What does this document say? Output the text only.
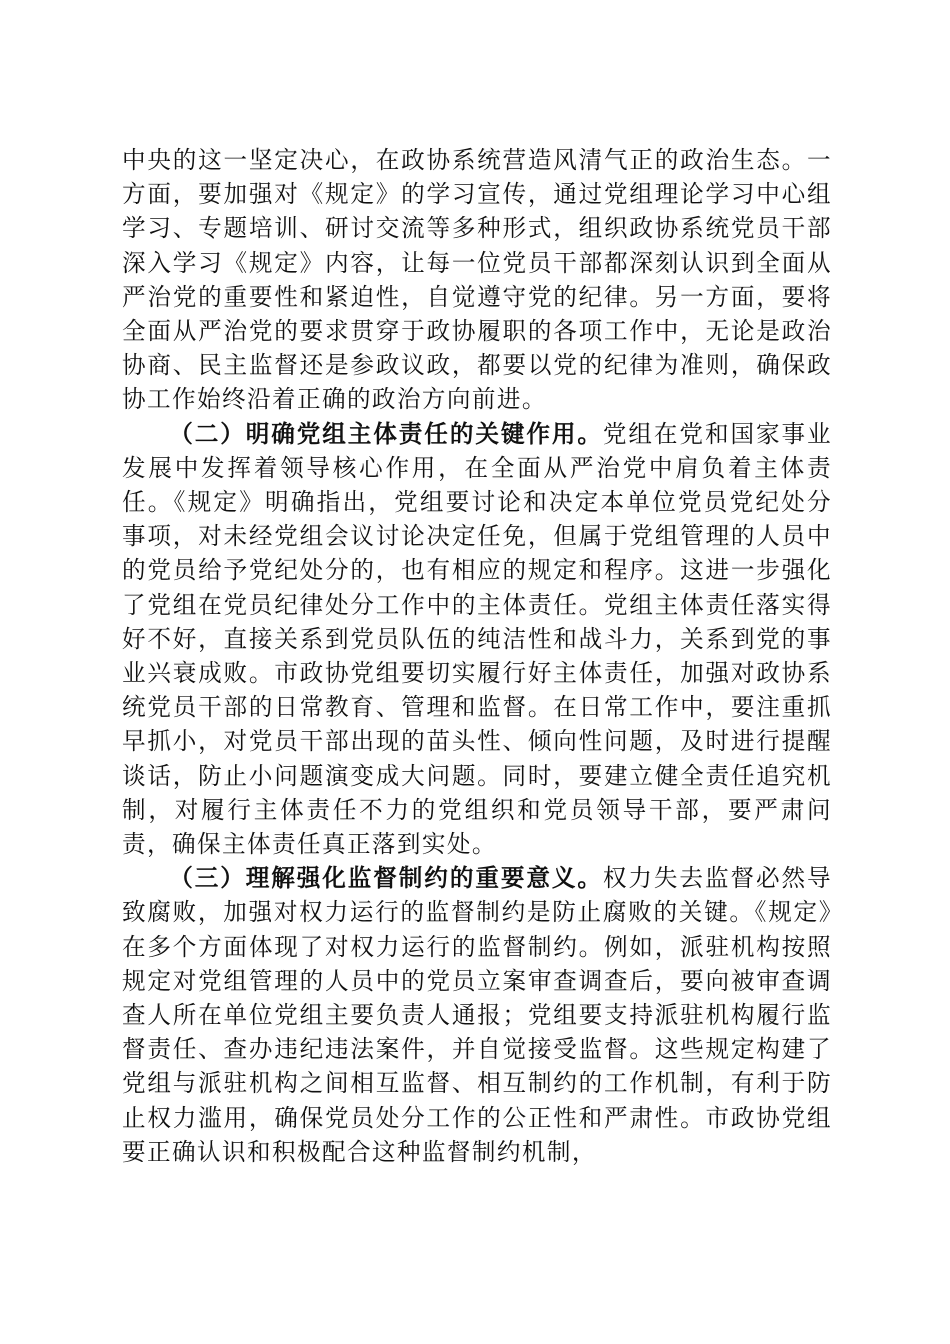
中央的这一坚定决心，在政协系统营造风清气正的政治生态。一方面，要加强对《规定》的学习宣传，通过党组理论学习中心组学习、专题培训、研讨交流等多种形式，组织政协系统党员干部深入学习《规定》内容，让每一位党员干部都深刻认识到全面从严治党的重要性和紧迫性，自觉遵守党的纪律。另一方面，要将全面从严治党的要求贯穿于政协履职的各项工作中，无论是政治协商、民主监督还是参政议政，都要以党的纪律为准则，确保政协工作始终沿着正确的政治方向前进。

（二）明确党组主体责任的关键作用。党组在党和国家事业发展中发挥着领导核心作用，在全面从严治党中肩负着主体责任。《规定》明确指出，党组要讨论和决定本单位党员党纪处分事项，对未经党组会议讨论决定任免，但属于党组管理的人员中的党员给予党纪处分的，也有相应的规定和程序。这进一步强化了党组在党员纪律处分工作中的主体责任。党组主体责任落实得好不好，直接关系到党员队伍的纯洁性和战斗力，关系到党的事业兴衰成败。市政协党组要切实履行好主体责任，加强对政协系统党员干部的日常教育、管理和监督。在日常工作中，要注重抓早抓小，对党员干部出现的苗头性、倾向性问题，及时进行提醒谈话，防止小问题演变成大问题。同时，要建立健全责任追究机制，对履行主体责任不力的党组织和党员领导干部，要严肃问责，确保主体责任真正落到实处。

（三）理解强化监督制约的重要意义。权力失去监督必然导致腐败，加强对权力运行的监督制约是防止腐败的关键。《规定》在多个方面体现了对权力运行的监督制约。例如，派驻机构按照规定对党组管理的人员中的党员立案审查调查后，要向被审查调查人所在单位党组主要负责人通报；党组要支持派驻机构履行监督责任、查办违纪违法案件，并自觉接受监督。这些规定构建了党组与派驻机构之间相互监督、相互制约的工作机制，有利于防止权力滥用，确保党员处分工作的公正性和严肃性。市政协党组要正确认识和积极配合这种监督制约机制，
